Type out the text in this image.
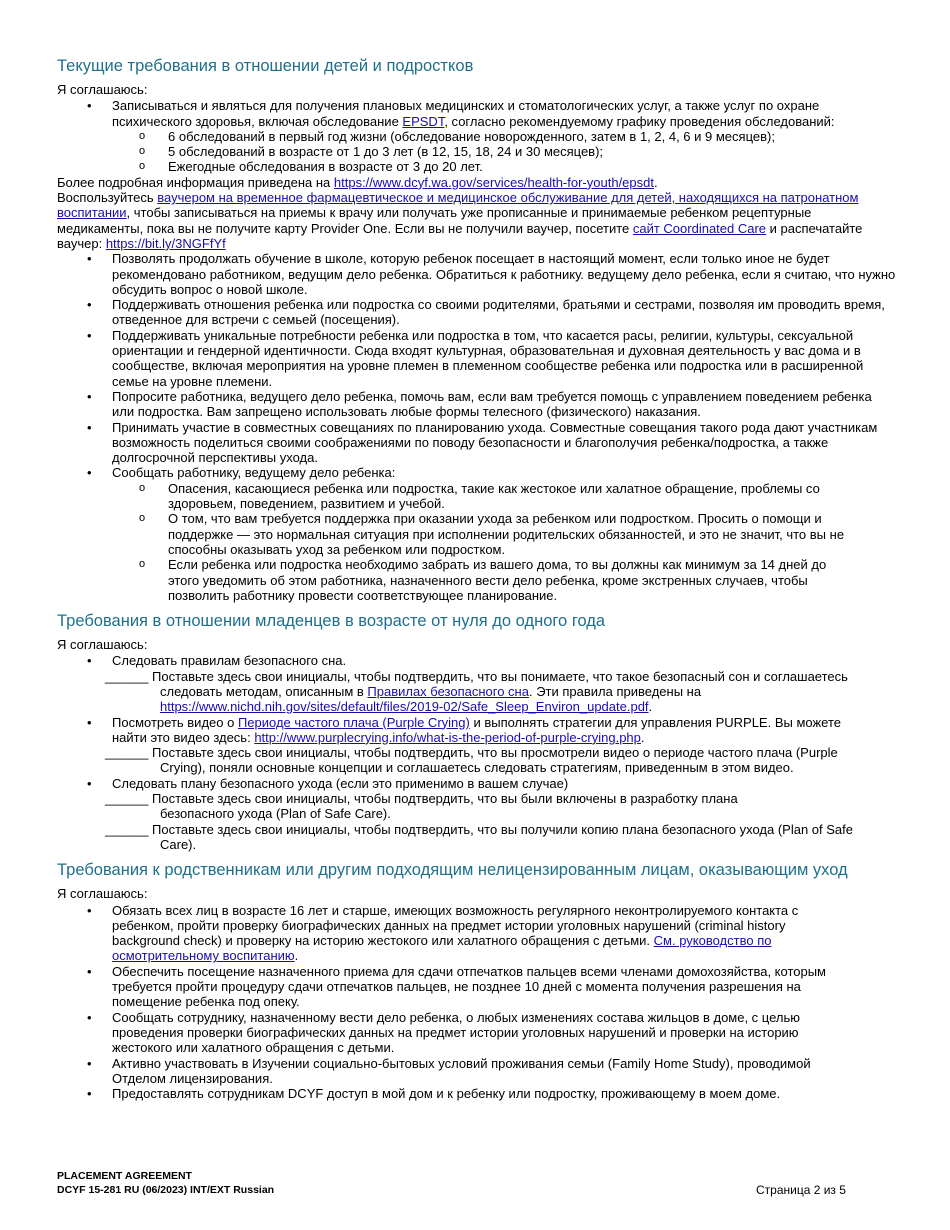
Текущие требования в отношении детей и подростков

Я соглашаюсь:

• Записываться и являться для получения плановых медицинских и стоматологических услуг, а также услуг по охране психического здоровья, включая обследование EPSDT, согласно рекомендуемому графику проведения обследований:
o 6 обследований в первый год жизни (обследование новорожденного, затем в 1, 2, 4, 6 и 9 месяцев);
o 5 обследований в возрасте от 1 до 3 лет (в 12, 15, 18, 24 и 30 месяцев);
o Ежегодные обследования в возрасте от 3 до 20 лет.

Более подробная информация приведена на https://www.dcyf.wa.gov/services/health-for-youth/epsdt.

Воспользуйтесь ваучером на временное фармацевтическое и медицинское обслуживание для детей, находящихся на патронатном воспитании, чтобы записываться на приемы к врачу или получать уже прописанные и принимаемые ребенком рецептурные медикаменты, пока вы не получите карту Provider One. Если вы не получили ваучер, посетите сайт Coordinated Care и распечатайте ваучер: https://bit.ly/3NGFfYf

• Позволять продолжать обучение в школе, которую ребенок посещает в настоящий момент, если только иное не будет рекомендовано работником, ведущим дело ребенка. Обратиться к работнику. ведущему дело ребенка, если я считаю, что нужно обсудить вопрос о новой школе.
• Поддерживать отношения ребенка или подростка со своими родителями, братьями и сестрами, позволяя им проводить время, отведенное для встречи с семьей (посещения).
• Поддерживать уникальные потребности ребенка или подростка в том, что касается расы, религии, культуры, сексуальной ориентации и гендерной идентичности. Сюда входят культурная, образовательная и духовная деятельность у вас дома и в сообществе, включая мероприятия на уровне племен в племенном сообществе ребенка или подростка или в расширенной семье на уровне племени.
• Попросите работника, ведущего дело ребенка, помочь вам, если вам требуется помощь с управлением поведением ребенка или подростка. Вам запрещено использовать любые формы телесного (физического) наказания.
• Принимать участие в совместных совещаниях по планированию ухода. Совместные совещания такого рода дают участникам возможность поделиться своими соображениями по поводу безопасности и благополучия ребенка/подростка, а также долгосрочной перспективы ухода.
• Сообщать работнику, ведущему дело ребенка:
o Опасения, касающиеся ребенка или подростка, такие как жестокое или халатное обращение, проблемы со здоровьем, поведением, развитием и учебой.
o О том, что вам требуется поддержка при оказании ухода за ребенком или подростком. Просить о помощи и поддержке — это нормальная ситуация при исполнении родительских обязанностей, и это не значит, что вы не способны оказывать уход за ребенком или подростком.
o Если ребенка или подростка необходимо забрать из вашего дома, то вы должны как минимум за 14 дней до этого уведомить об этом работника, назначенного вести дело ребенка, кроме экстренных случаев, чтобы позволить работнику провести соответствующее планирование.
Требования в отношении младенцев в возрасте от нуля до одного года

Я соглашаюсь:

• Следовать правилам безопасного сна.

______ Поставьте здесь свои инициалы, чтобы подтвердить, что вы понимаете, что такое безопасный сон и соглашаетесь следовать методам, описанным в Правилах безопасного сна. Эти правила приведены на https://www.nichd.nih.gov/sites/default/files/2019-02/Safe_Sleep_Environ_update.pdf.

• Посмотреть видео о Периоде частого плача (Purple Crying) и выполнять стратегии для управления PURPLE. Вы можете найти это видео здесь: http://www.purplecrying.info/what-is-the-period-of-purple-crying.php.

______ Поставьте здесь свои инициалы, чтобы подтвердить, что вы просмотрели видео о периоде частого плача (Purple Crying), поняли основные концепции и соглашаетесь следовать стратегиям, приведенным в этом видео.

• Следовать плану безопасного ухода (если это применимо в вашем случае)

______ Поставьте здесь свои инициалы, чтобы подтвердить, что вы были включены в разработку плана безопасного ухода (Plan of Safe Care).

______ Поставьте здесь свои инициалы, чтобы подтвердить, что вы получили копию плана безопасного ухода (Plan of Safe Care).

Требования к родственникам или другим подходящим нелицензированным лицам, оказывающим уход

Я соглашаюсь:

• Обязать всех лиц в возрасте 16 лет и старше, имеющих возможность регулярного неконтролируемого контакта с ребенком, пройти проверку биографических данных на предмет истории уголовных нарушений (criminal history background check) и проверку на историю жестокого или халатного обращения с детьми. См. руководство по осмотрительному воспитанию.
• Обеспечить посещение назначенного приема для сдачи отпечатков пальцев всеми членами домохозяйства, которым требуется пройти процедуру сдачи отпечатков пальцев, не позднее 10 дней с момента получения разрешения на помещение ребенка под опеку.
• Сообщать сотруднику, назначенному вести дело ребенка, о любых изменениях состава жильцов в доме, с целью проведения проверки биографических данных на предмет истории уголовных нарушений и проверки на историю жестокого или халатного обращения с детьми.
• Активно участвовать в Изучении социально-бытовых условий проживания семьи (Family Home Study), проводимой Отделом лицензирования.
• Предоставлять сотрудникам DCYF доступ в мой дом и к ребенку или подростку, проживающему в моем доме.
PLACEMENT AGREEMENT
DCYF 15-281 RU (06/2023) INT/EXT Russian	Страница 2 из 5
